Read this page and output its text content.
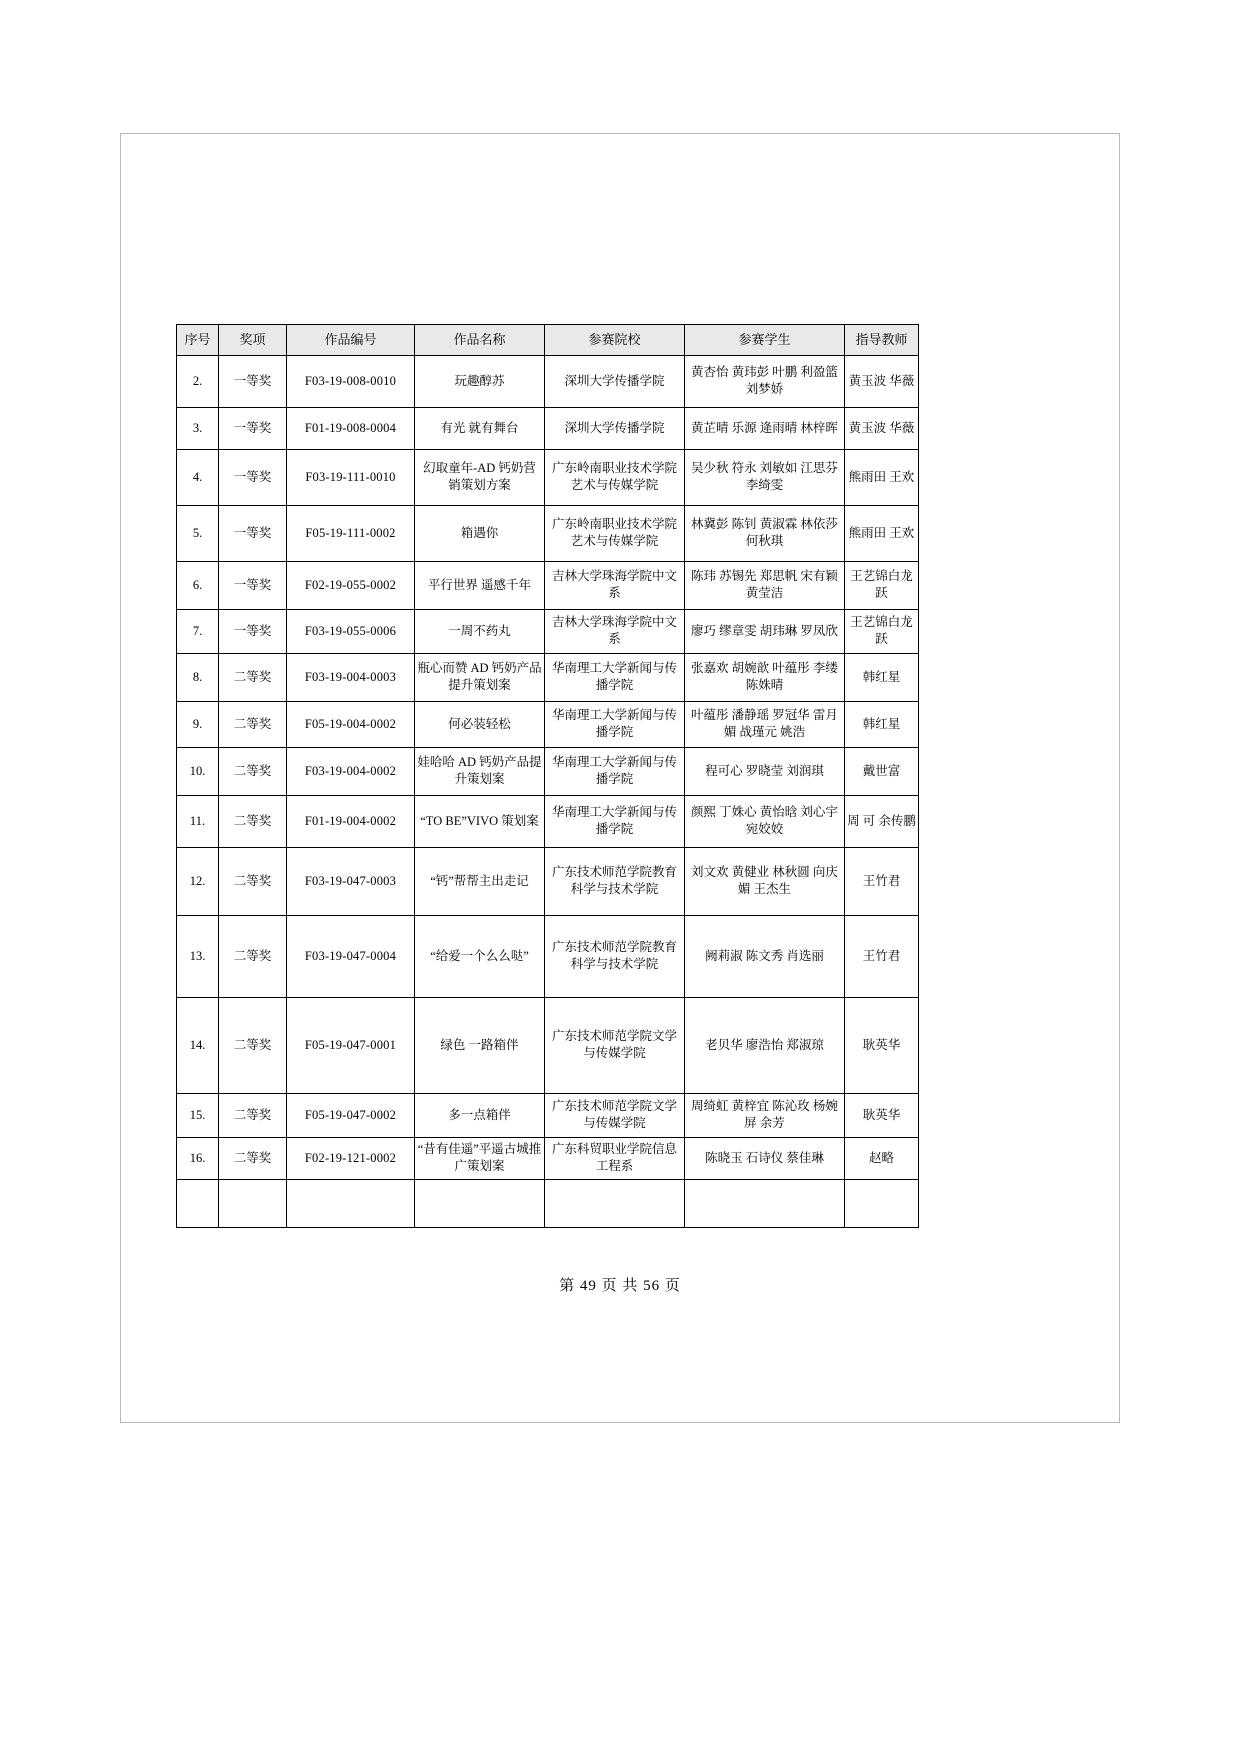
序号	奖项	作品编号	作品名称	参赛院校	参赛学生	指导教师
2.	一等奖	F03-19-008-0010	玩趣醇苏	深圳大学传播学院	黄杏怡 黄玮彭 叶鹏 利盈篮 刘梦娇	黄玉波 华薇
3.	一等奖	F01-19-008-0004	有光 就有舞台	深圳大学传播学院	黄芷晴 乐源 逄雨晴 林梓晖	黄玉波 华薇
4.	一等奖	F03-19-111-0010	幻取童年-AD 钙奶营销策划方案	广东岭南职业技术学院艺术与传媒学院	吴少秋 符永 刘敏如 江思芬 李绮雯	熊雨田 王欢
5.	一等奖	F05-19-111-0002	箱遇你	广东岭南职业技术学院艺术与传媒学院	林冀彭 陈钊 黄淑霖 林依莎 何秋琪	熊雨田 王欢
6.	一等奖	F02-19-055-0002	平行世界 遥感千年	吉林大学珠海学院中文系	陈玮 苏锡先 郑思帆 宋有颖 黄莹洁	王艺锦白龙跃
7.	一等奖	F03-19-055-0006	一周不药丸	吉林大学珠海学院中文系	廖巧 缪章雯 胡玮琳 罗凤欣	王艺锦白龙跃
8.	二等奖	F03-19-004-0003	瓶心而赞 AD 钙奶产品提升策划案	华南理工大学新闻与传播学院	张嘉欢 胡婉歆 叶蕴彤 李缕 陈姝晴	韩红星
9.	二等奖	F05-19-004-0002	何必装轻松	华南理工大学新闻与传播学院	叶蕴彤 潘静瑶 罗冠华 雷月媚 战瑾元 姚浩	韩红星
10.	二等奖	F03-19-004-0002	娃哈哈 AD 钙奶产品提升策划案	华南理工大学新闻与传播学院	程可心 罗晓莹 刘润琪	戴世富
11.	二等奖	F01-19-004-0002	“TO BE”VIVO 策划案	华南理工大学新闻与传播学院	颜熙 丁姝心 黄怡晗 刘心宇 宛姣姣	周 可 余传鹏
12.	二等奖	F03-19-047-0003	“钙”帮帮主出走记	广东技术师范学院教育科学与技术学院	刘文欢 黄健业 林秋圆 向庆媚 王杰生	王竹君
13.	二等奖	F03-19-047-0004	“给爱一个么么哒”	广东技术师范学院教育科学与技术学院	阙莉淑 陈文秀 肖选丽	王竹君
14.	二等奖	F05-19-047-0001	绿色 一路箱伴	广东技术师范学院文学与传媒学院	老贝华 廖浩怡 郑淑琼	耿英华
15.	二等奖	F05-19-047-0002	多一点箱伴	广东技术师范学院文学与传媒学院	周绮虹 黄梓宜 陈沁玫 杨婉屏 余芳	耿英华
16.	二等奖	F02-19-121-0002	“昔有佳遥”平遥古城推广策划案	广东科贸职业学院信息工程系	陈晓玉 石诗仪 蔡佳琳	赵略

第 49 页 共 56 页
